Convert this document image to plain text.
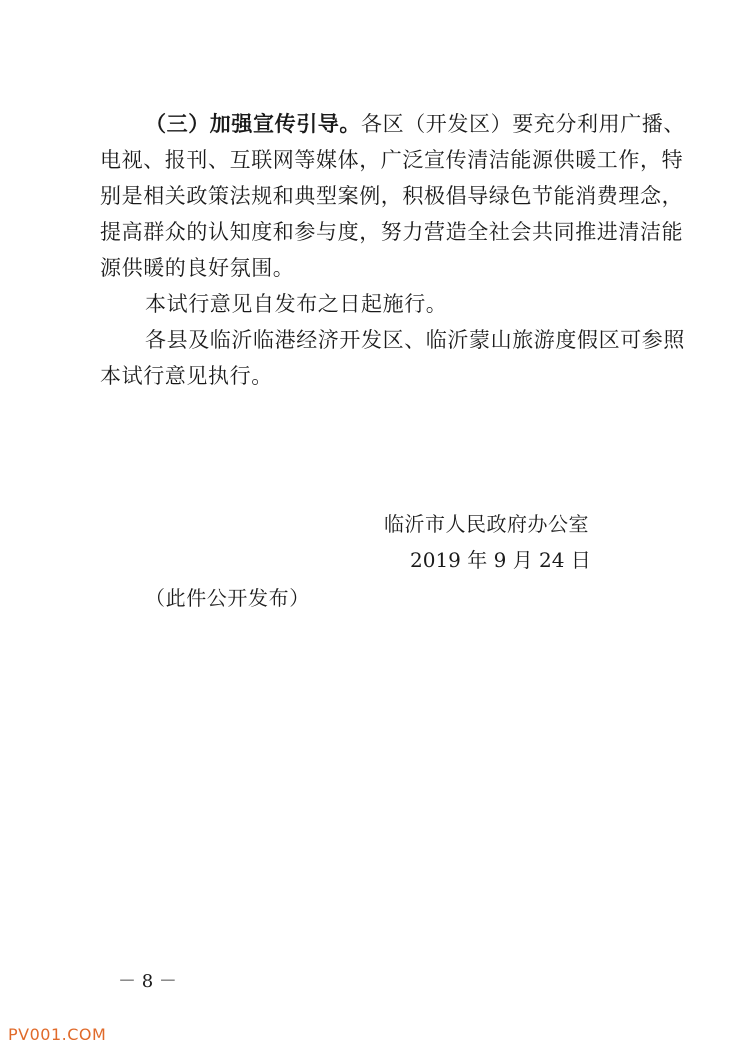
（三）加强宣传引导。各区（开发区）要充分利用广播、
电视、报刊、互联网等媒体，广泛宣传清洁能源供暖工作，特
别是相关政策法规和典型案例，积极倡导绿色节能消费理念，
提高群众的认知度和参与度，努力营造全社会共同推进清洁能
源供暖的良好氛围。
本试行意见自发布之日起施行。
各县及临沂临港经济开发区、临沂蒙山旅游度假区可参照
本试行意见执行。
临沂市人民政府办公室
2019 年 9 月 24 日
（此件公开发布）
－ 8 －
PV001.COM
